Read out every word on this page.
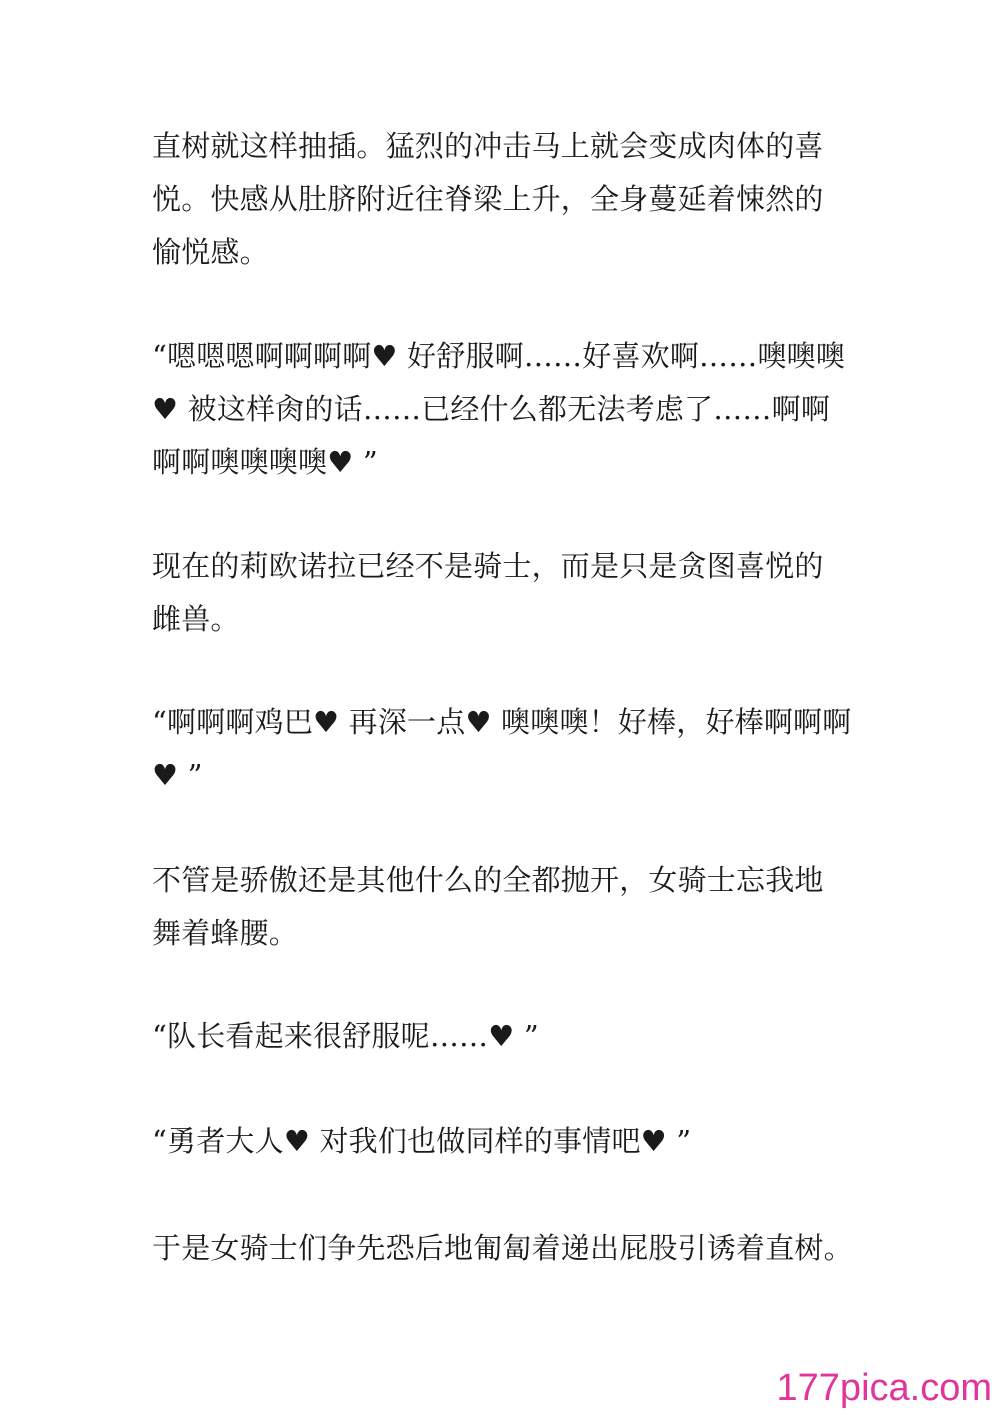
直树就这样抽插。猛烈的冲击马上就会变成肉体的喜悦。快感从肚脐附近往脊梁上升，全身蔓延着悚然的愉悦感。

“嗯嗯嗯啊啊啊啊♥ 好舒服啊……好喜欢啊……噢噢噢♥ 被这样肏的话……已经什么都无法考虑了……啊啊啊啊噢噢噢噢♥ ”

现在的莉欧诺拉已经不是骑士，而是只是贪图喜悦的雌兽。

“啊啊啊鸡巴♥ 再深一点♥ 噢噢噢！好棒，好棒啊啊啊♥ ”

不管是骄傲还是其他什么的全都抛开，女骑士忘我地舞着蜂腰。

“队长看起来很舒服呢……♥ ”

“勇者大人♥ 对我们也做同样的事情吧♥ ”

于是女骑士们争先恐后地匍匐着递出屁股引诱着直树。

177pica.com
